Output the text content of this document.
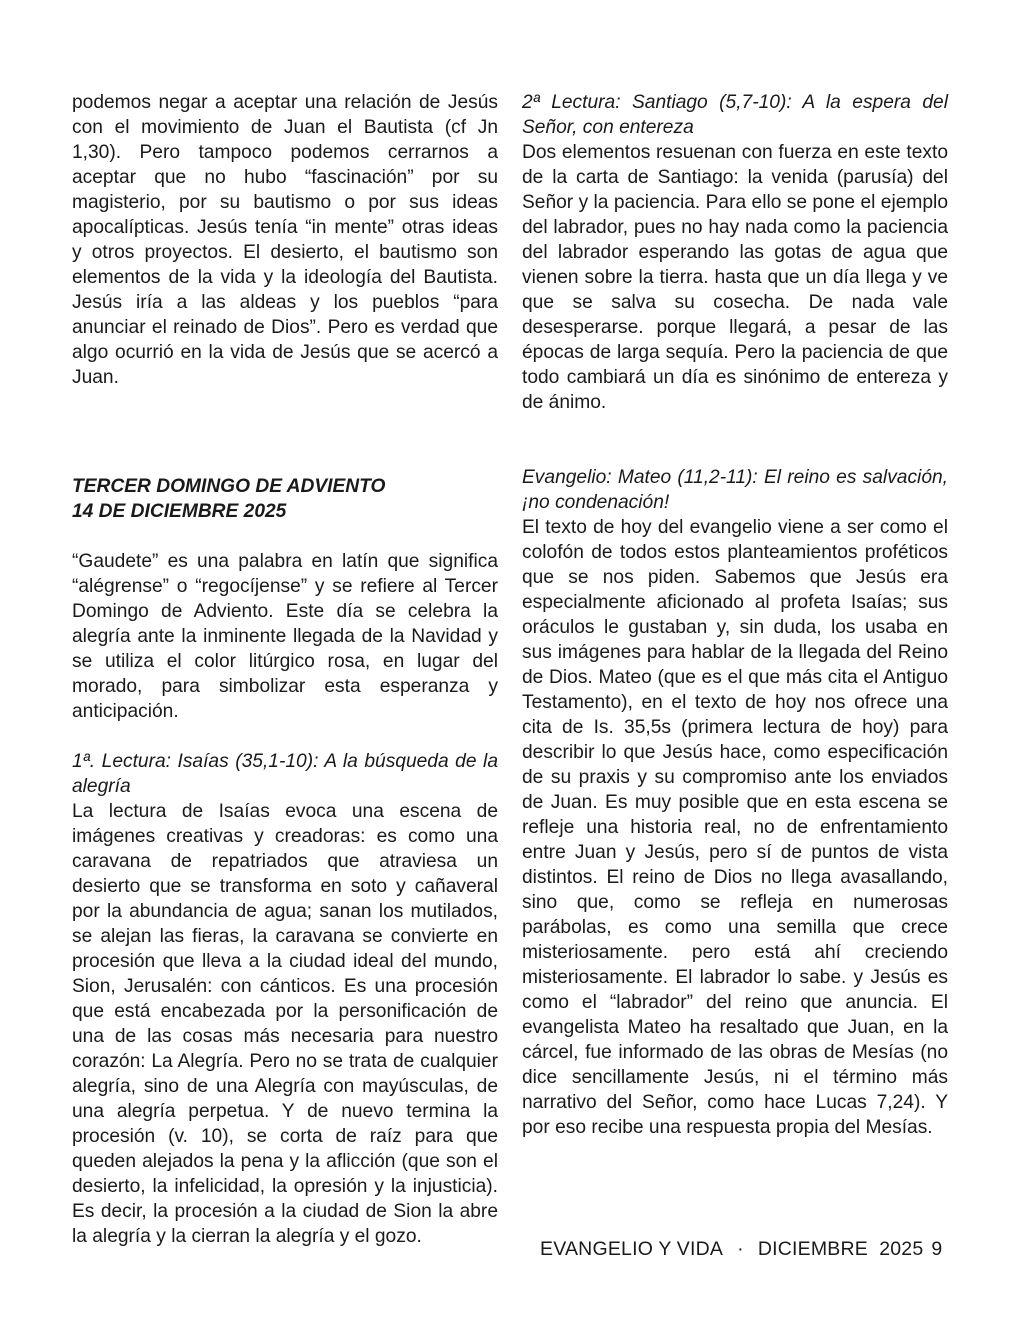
podemos negar a aceptar una relación de Jesús con el movimiento de Juan el Bautista (cf Jn 1,30). Pero tampoco podemos cerrarnos a aceptar que no hubo “fascinación” por su magisterio, por su bautismo o por sus ideas apocalípticas. Jesús tenía “in mente” otras ideas y otros proyectos. El desierto, el bautismo son elementos de la vida y la ideología del Bautista. Jesús iría a las aldeas y los pueblos “para anunciar el reinado de Dios”. Pero es verdad que algo ocurrió en la vida de Jesús que se acercó a Juan.

TERCER DOMINGO DE ADVIENTO
14 DE DICIEMBRE 2025

“Gaudete” es una palabra en latín que significa “alégrense” o “regocíjense” y se refiere al Tercer Domingo de Adviento. Este día se celebra la alegría ante la inminente llegada de la Navidad y se utiliza el color litúrgico rosa, en lugar del morado, para simbolizar esta esperanza y anticipación.

1ª. Lectura: Isaías (35,1-10): A la búsqueda de la alegría

La lectura de Isaías evoca una escena de imágenes creativas y creadoras: es como una caravana de repatriados que atraviesa un desierto que se transforma en soto y cañaveral por la abundancia de agua; sanan los mutilados, se alejan las fieras, la caravana se convierte en procesión que lleva a la ciudad ideal del mundo, Sion, Jerusalén: con cánticos. Es una procesión que está encabezada por la personificación de una de las cosas más necesaria para nuestro corazón: La Alegría. Pero no se trata de cualquier alegría, sino de una Alegría con mayúsculas, de una alegría perpetua. Y de nuevo termina la procesión (v. 10), se corta de raíz para que queden alejados la pena y la aflicción (que son el desierto, la infelicidad, la opresión y la injusticia). Es decir, la procesión a la ciudad de Sion la abre la alegría y la cierran la alegría y el gozo.

2ª Lectura: Santiago (5,7-10): A la espera del Señor, con entereza

Dos elementos resuenan con fuerza en este texto de la carta de Santiago: la venida (parusía) del Señor y la paciencia. Para ello se pone el ejemplo del labrador, pues no hay nada como la paciencia del labrador esperando las gotas de agua que vienen sobre la tierra. hasta que un día llega y ve que se salva su cosecha. De nada vale desesperarse. porque llegará, a pesar de las épocas de larga sequía. Pero la paciencia de que todo cambiará un día es sinónimo de entereza y de ánimo.

Evangelio: Mateo (11,2-11): El reino es salvación, ¡no condenación!

El texto de hoy del evangelio viene a ser como el colofón de todos estos planteamientos proféticos que se nos piden. Sabemos que Jesús era especialmente aficionado al profeta Isaías; sus oráculos le gustaban y, sin duda, los usaba en sus imágenes para hablar de la llegada del Reino de Dios. Mateo (que es el que más cita el Antiguo Testamento), en el texto de hoy nos ofrece una cita de Is. 35,5s (primera lectura de hoy) para describir lo que Jesús hace, como especificación de su praxis y su compromiso ante los enviados de Juan. Es muy posible que en esta escena se refleje una historia real, no de enfrentamiento entre Juan y Jesús, pero sí de puntos de vista distintos. El reino de Dios no llega avasallando, sino que, como se refleja en numerosas parábolas, es como una semilla que crece misteriosamente. pero está ahí creciendo misteriosamente. El labrador lo sabe. y Jesús es como el “labrador” del reino que anuncia. El evangelista Mateo ha resaltado que Juan, en la cárcel, fue informado de las obras de Mesías (no dice sencillamente Jesús, ni el término más narrativo del Señor, como hace Lucas 7,24). Y por eso recibe una respuesta propia del Mesías.

EVANGELIO Y VIDA · DICIEMBRE  2025 9
